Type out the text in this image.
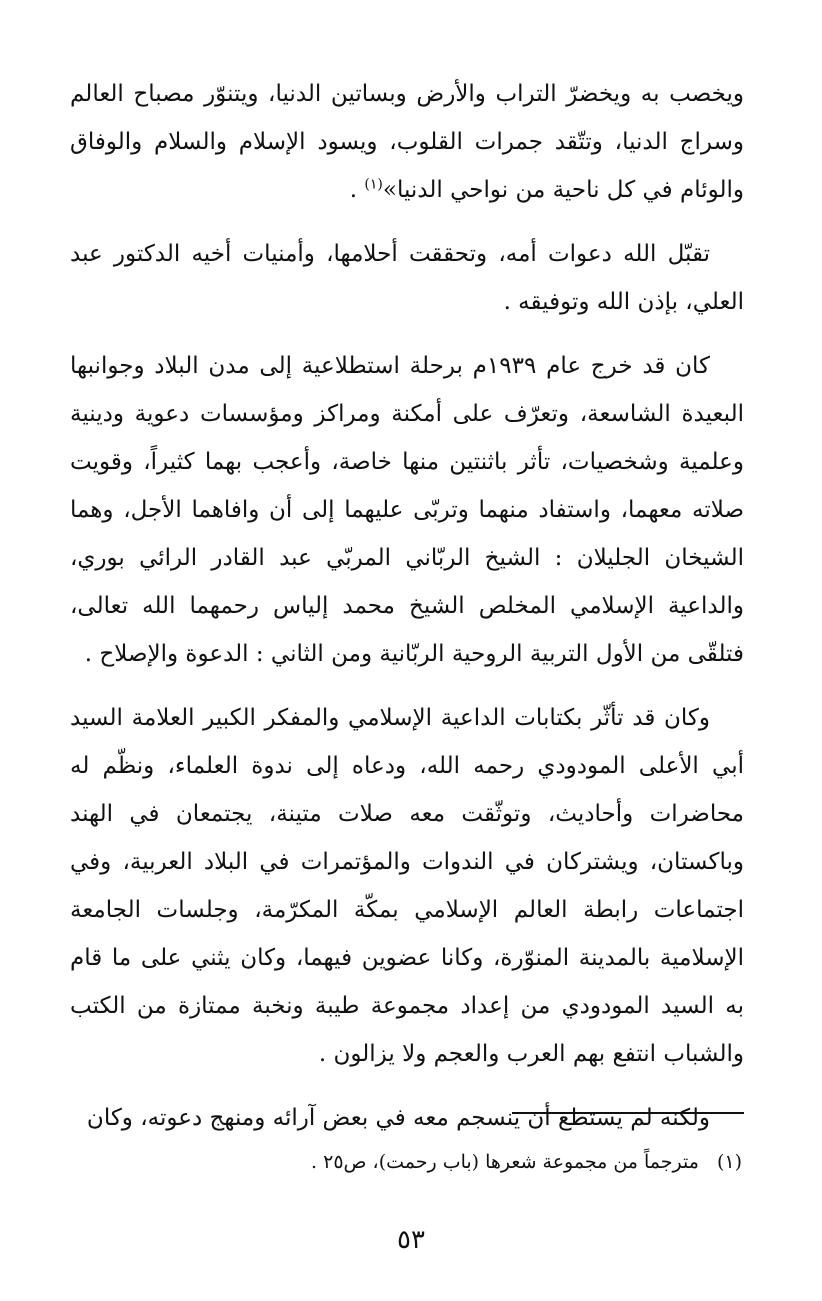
ويخصب به ويخضرّ التراب والأرض وبساتين الدنيا، ويتنوّر مصباح العالم وسراج الدنيا، وتتّقد جمرات القلوب، ويسود الإسلام والسلام والوفاق والوئام في كل ناحية من نواحي الدنيا»$^{(١)}$ .

تقبّل الله دعوات أمه، وتحققت أحلامها، وأمنيات أخيه الدكتور عبد العلي، بإذن الله وتوفيقه .

كان قد خرج عام ١٩٣٩م برحلة استطلاعية إلى مدن البلاد وجوانبها البعيدة الشاسعة، وتعرّف على أمكنة ومراكز ومؤسسات دعوية ودينية وعلمية وشخصيات، تأثر باثنتين منها خاصة، وأعجب بهما كثيراً، وقويت صلاته معهما، واستفاد منهما وتربّى عليهما إلى أن وافاهما الأجل، وهما الشيخان الجليلان : الشيخ الربّاني المربّي عبد القادر الرائي بوري، والداعية الإسلامي المخلص الشيخ محمد إلياس رحمهما الله تعالى، فتلقّى من الأول التربية الروحية الربّانية ومن الثاني : الدعوة والإصلاح .

وكان قد تأثّر بكتابات الداعية الإسلامي والمفكر الكبير العلامة السيد أبي الأعلى المودودي رحمه الله، ودعاه إلى ندوة العلماء، ونظّم له محاضرات وأحاديث، وتوثّقت معه صلات متينة، يجتمعان في الهند وباكستان، ويشتركان في الندوات والمؤتمرات في البلاد العربية، وفي اجتماعات رابطة العالم الإسلامي بمكّة المكرّمة، وجلسات الجامعة الإسلامية بالمدينة المنوّرة، وكانا عضوين فيهما، وكان يثني على ما قام به السيد المودودي من إعداد مجموعة طيبة ونخبة ممتازة من الكتب والشباب انتفع بهم العرب والعجم ولا يزالون .

ولكنه لم يستطع أن ينسجم معه في بعض آرائه ومنهج دعوته، وكان

(١)مترجماً من مجموعة شعرها (باب رحمت)، ص٢٥ .
٥٣
